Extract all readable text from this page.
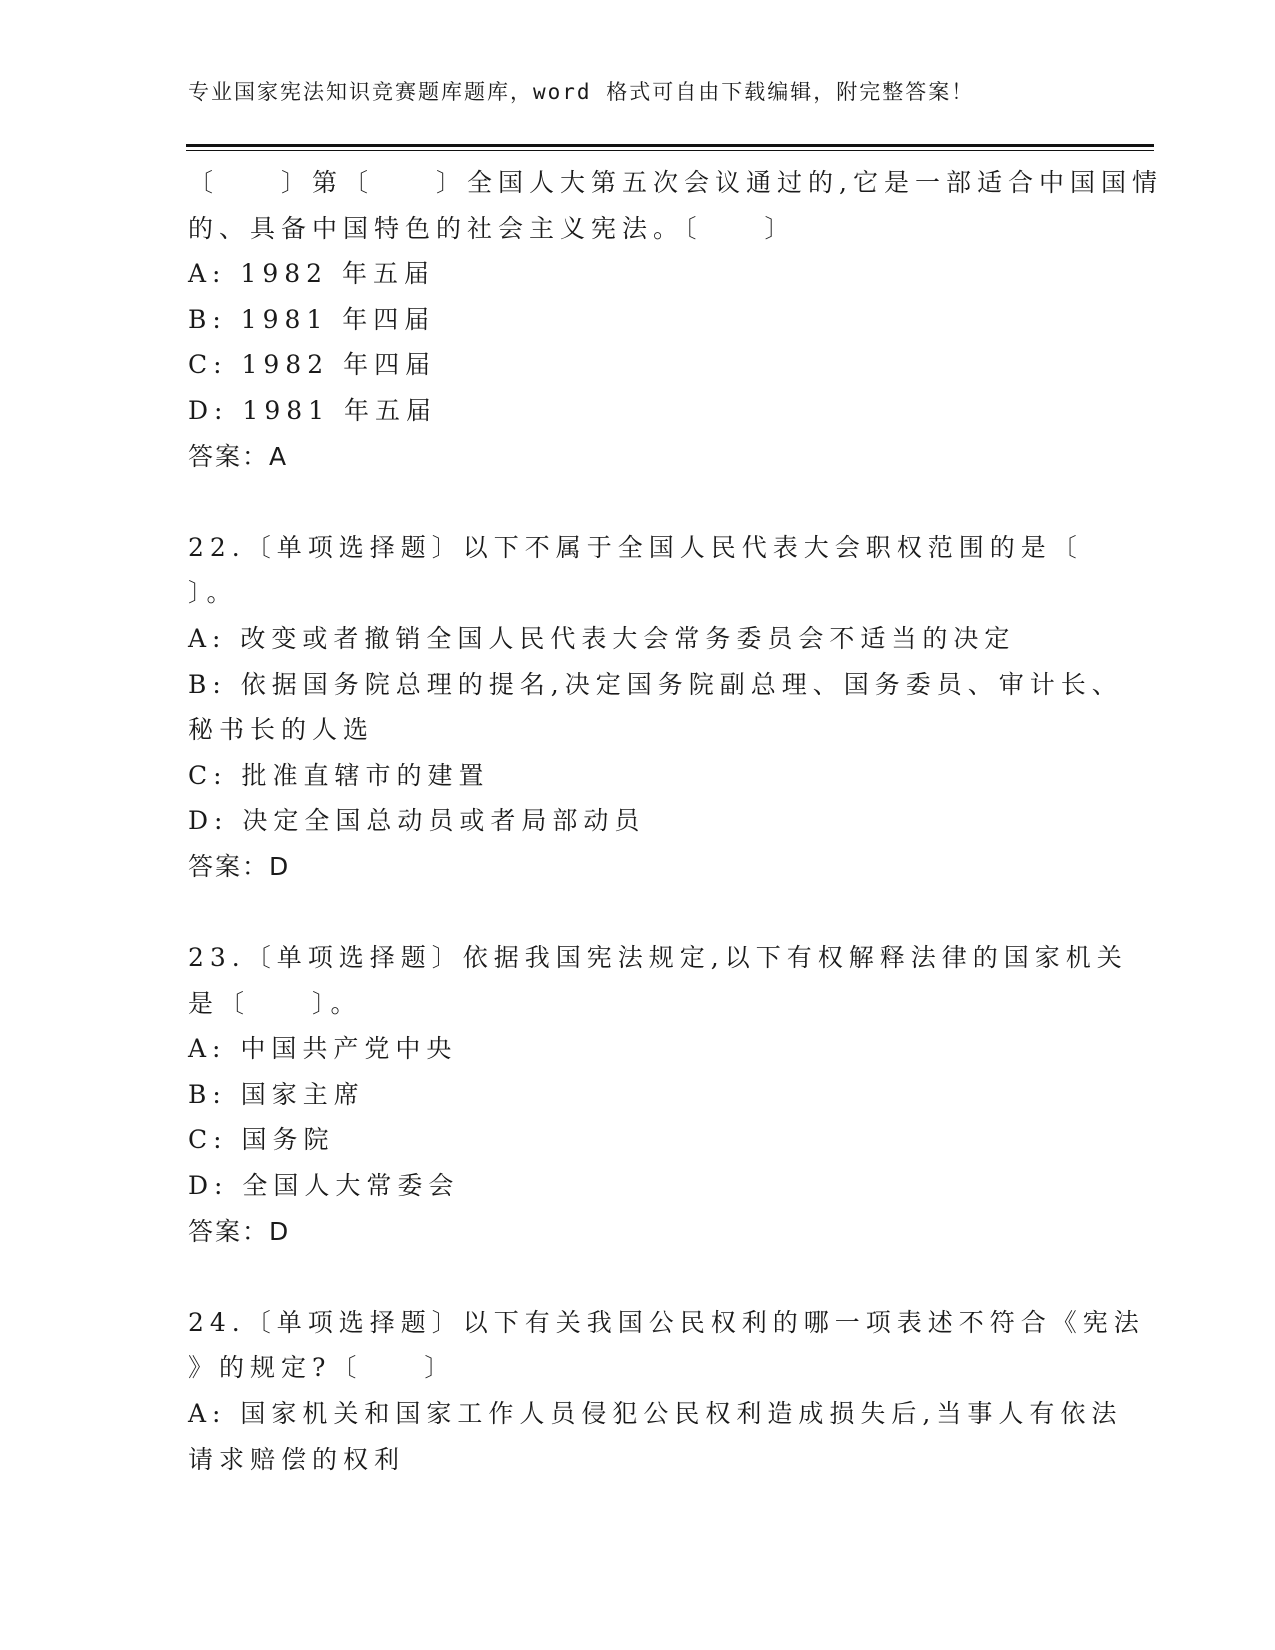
专业国家宪法知识竞赛题库题库，word 格式可自由下载编辑，附完整答案！
〔　　〕第〔　　〕全国人大第五次会议通过的,它是一部适合中国国情
的、具备中国特色的社会主义宪法。〔　　〕
A: 1982 年五届
B: 1981 年四届
C: 1982 年四届
D: 1981 年五届
答案：A
22.〔单项选择题〕以下不属于全国人民代表大会职权范围的是〔
〕。
A: 改变或者撤销全国人民代表大会常务委员会不适当的决定
B: 依据国务院总理的提名,决定国务院副总理、国务委员、审计长、
秘书长的人选
C: 批准直辖市的建置
D: 决定全国总动员或者局部动员
答案：D
23.〔单项选择题〕依据我国宪法规定,以下有权解释法律的国家机关
是〔　　〕。
A: 中国共产党中央
B: 国家主席
C: 国务院
D: 全国人大常委会
答案：D
24.〔单项选择题〕以下有关我国公民权利的哪一项表述不符合《宪法
》的规定?〔　　〕
A: 国家机关和国家工作人员侵犯公民权利造成损失后,当事人有依法
请求赔偿的权利
